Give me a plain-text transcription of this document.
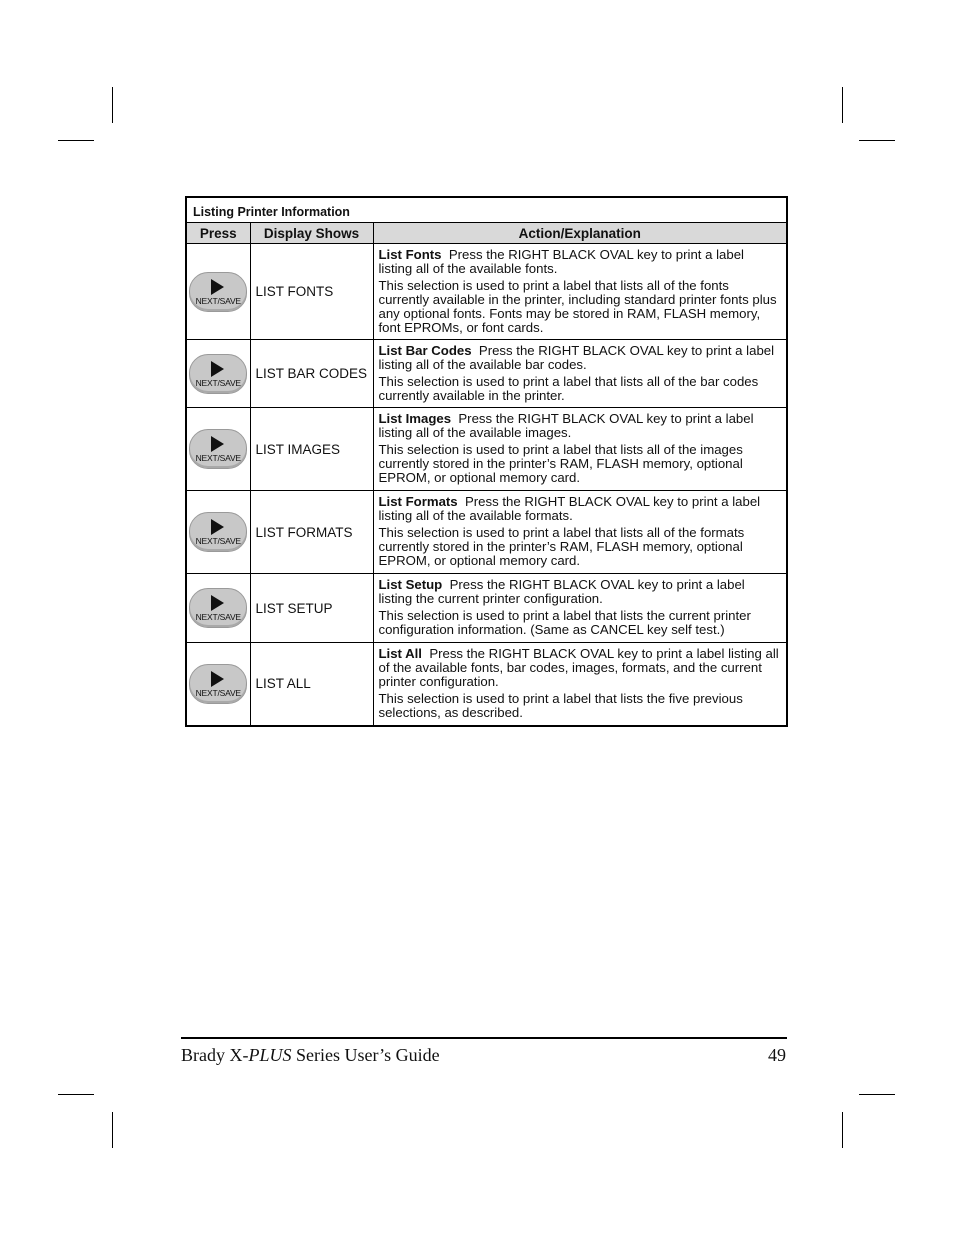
Listing Printer Information		
Press	Display Shows	Action/Explanation

NEXT/SAVE	LIST FONTS	List Fonts Press the RIGHT BLACK OVAL key to print a label listing all of the available fonts.

This selection is used to print a label that lists all of the fonts currently available in the printer, including standard printer fonts plus any optional fonts. Fonts may be stored in RAM, FLASH memory, font EPROMs, or font cards.

NEXT/SAVE	LIST BAR CODES	List Bar Codes Press the RIGHT BLACK OVAL key to print a label listing all of the available bar codes.

This selection is used to print a label that lists all of the bar codes currently available in the printer.

NEXT/SAVE	LIST IMAGES	List Images Press the RIGHT BLACK OVAL key to print a label listing all of the available images.

This selection is used to print a label that lists all of the images currently stored in the printer’s RAM, FLASH memory, optional EPROM, or optional memory card.

NEXT/SAVE	LIST FORMATS	List Formats Press the RIGHT BLACK OVAL key to print a label listing all of the available formats.

This selection is used to print a label that lists all of the formats currently stored in the printer’s RAM, FLASH memory, optional EPROM, or optional memory card.

NEXT/SAVE	LIST SETUP	List Setup Press the RIGHT BLACK OVAL key to print a label listing the current printer configuration.

This selection is used to print a label that lists the current printer configuration information. (Same as CANCEL key self test.)

NEXT/SAVE	LIST ALL	List All Press the RIGHT BLACK OVAL key to print a label listing all of the available fonts, bar codes, images, formats, and the current printer configuration.

This selection is used to print a label that lists the five previous selections, as described.

Brady X-PLUS Series User’s Guide	49
